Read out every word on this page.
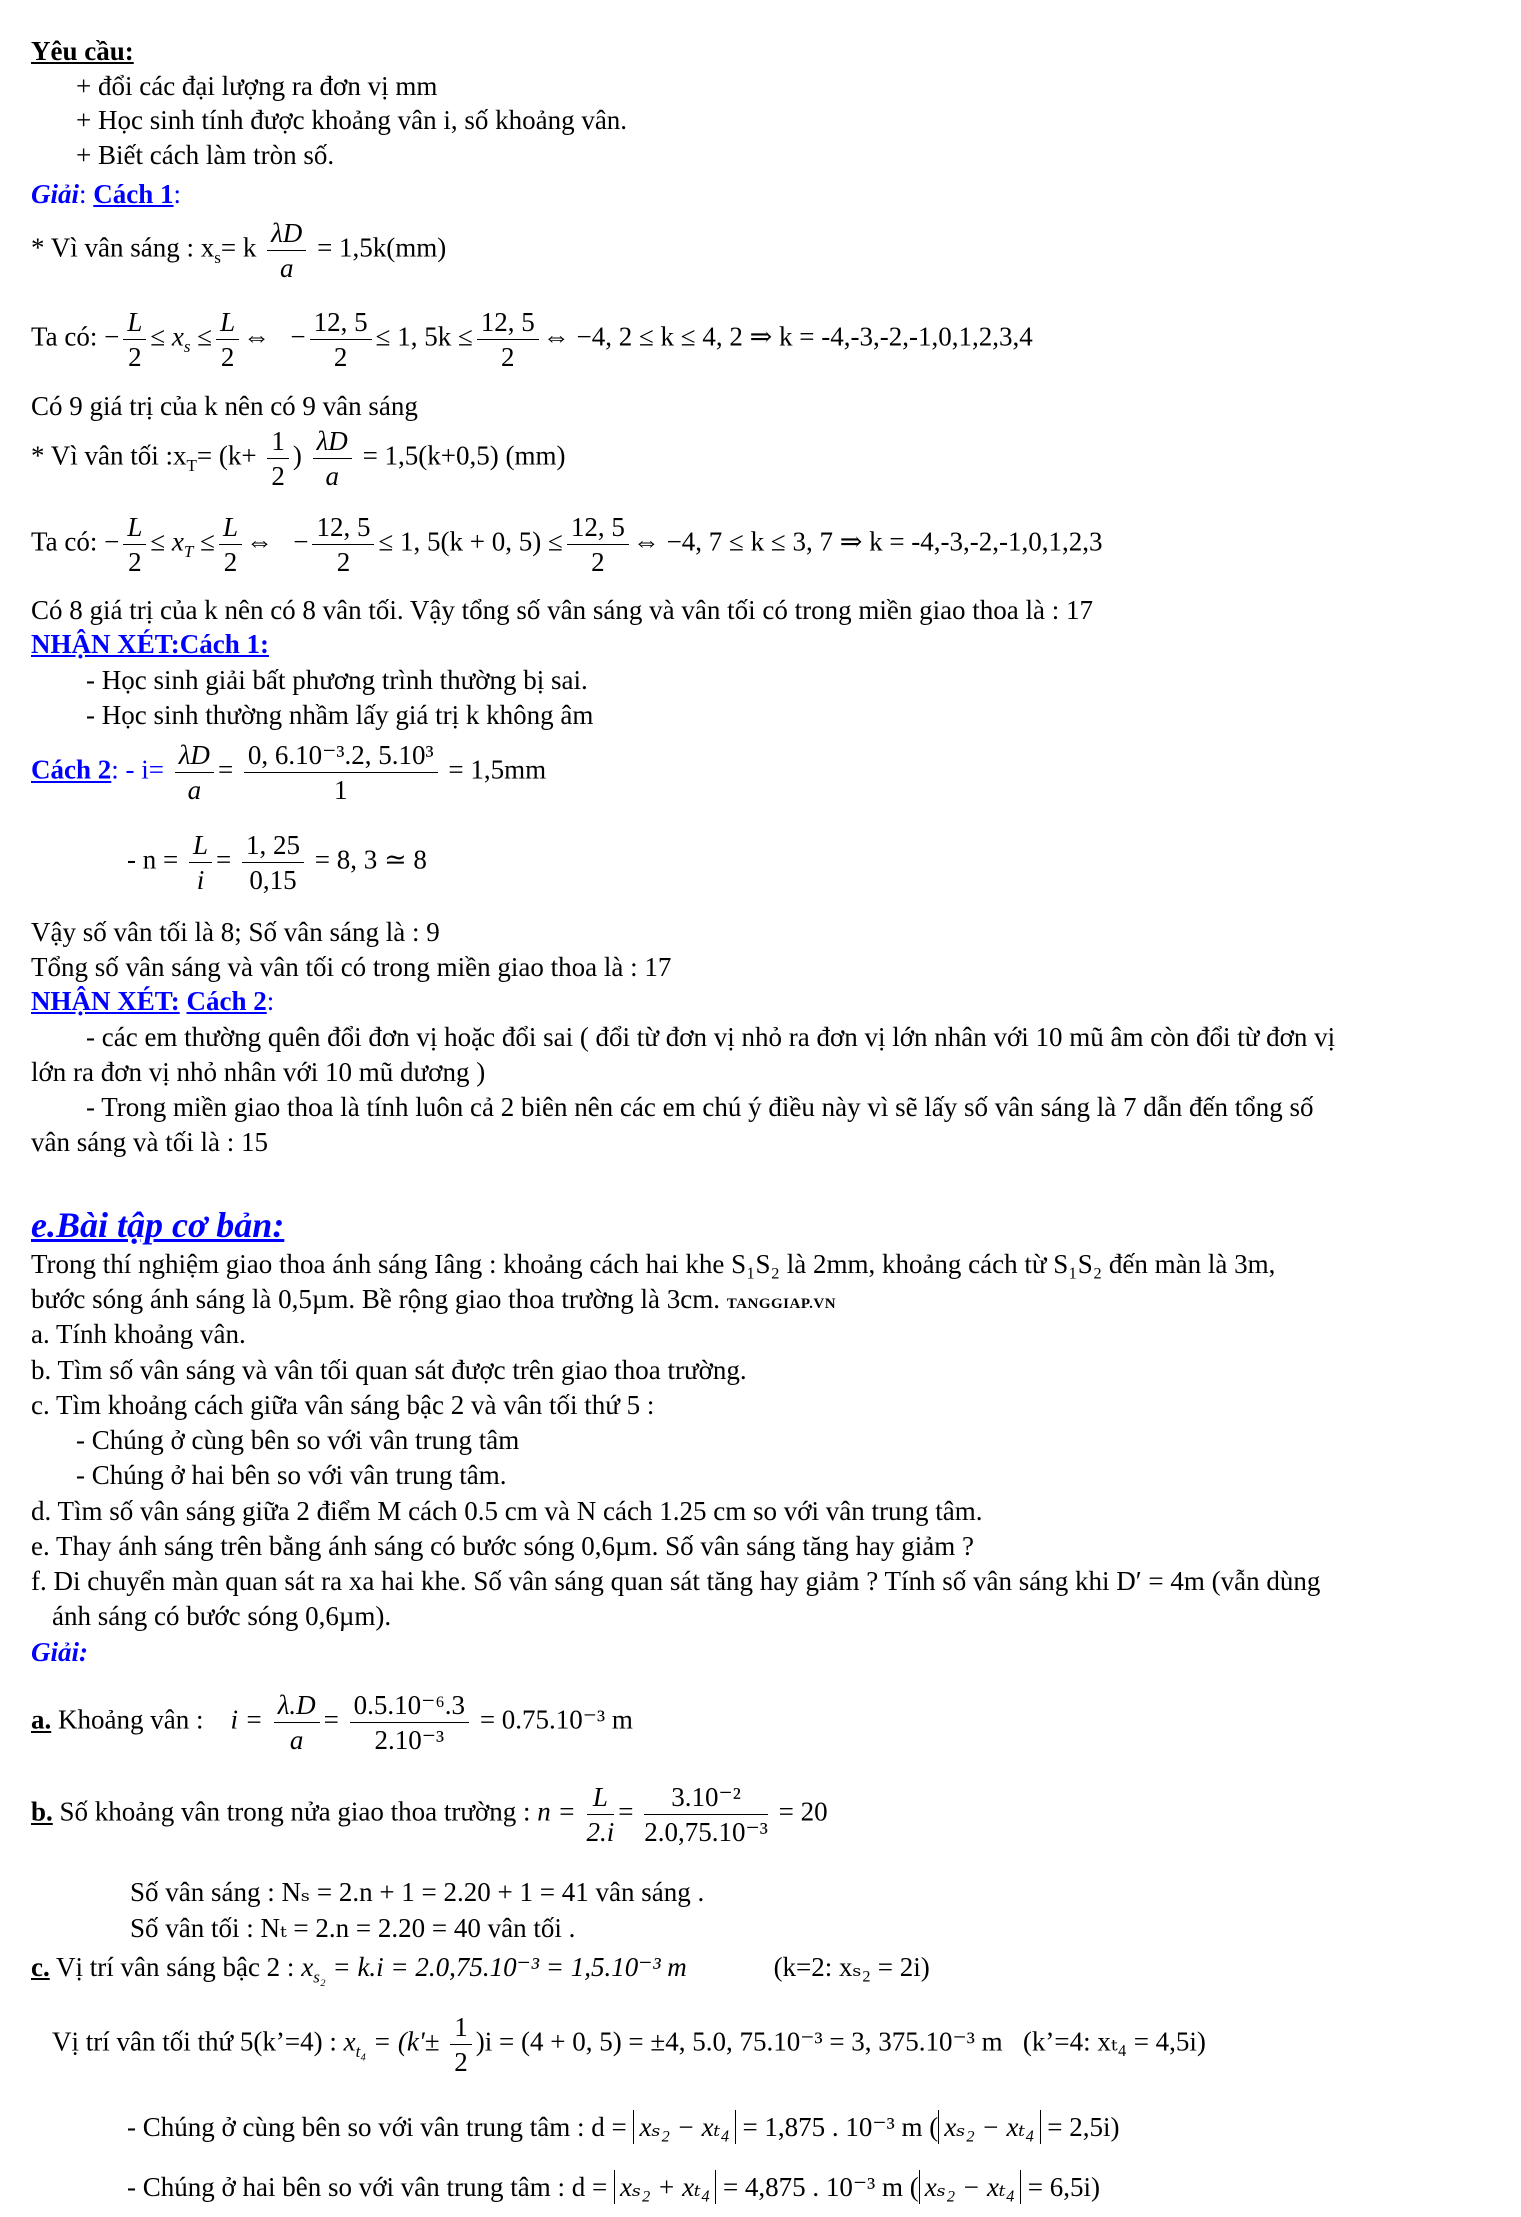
Yêu cầu:
+ đổi các đại lượng ra đơn vị mm
+ Học sinh tính được khoảng vân i, số khoảng vân.
+ Biết cách làm tròn số.
Giải: Cách 1:
* Vì vân sáng : $x_s= k \frac{\lambda D}{a} = 1,5k(mm)$
Ta có: − $\frac{L}{2} \le x_s \le \frac{L}{2}$ ⇔   − $\frac{12, 5}{2} \le 1$, $5k \le \frac{12, 5}{2}$ ⇔ −4, 2 ≤ k ≤ 4, 2 ⇒ k = -4,-3,-2,-1,0,1,2,3,4
Có 9 giá trị của k nên có 9 vân sáng
* Vì vân tối $:x_T= (k+ \frac{1}{2}$ ) $\frac{\lambda D}{a} = 1,5(k+0,5)$ (mm)
Ta có: − $\frac{L}{2} \le x_T \le \frac{L}{2}$ ⇔   − $\frac{12, 5}{2} \le 1$, 5(k + 0, $5) \le \frac{12, 5}{2}$ ⇔ −4, 7 ≤ k ≤ 3, 7 ⇒ k = -4,-3,-2,-1,0,1,2,3
Có 8 giá trị của k nên có 8 vân tối. Vậy tổng số vân sáng và vân tối có trong miền giao thoa là : 17
NHẬN XÉT:Cách 1:
- Học sinh giải bất phương trình thường bị sai.
- Học sinh thường nhầm lấy giá trị k không âm
Cách 2: - $i= \frac{\lambda D}{a} = \frac{\text{0, 6.10⁻³.2, 5.10³}}{1} = 1,5mm$
- $n = \frac{L}{i} = \frac{1, 25}{0,15} = 8$, 3 ≃ 8
Vậy số vân tối là 8; Số vân sáng là : 9
Tổng số vân sáng và vân tối có trong miền giao thoa là : 17
NHẬN XÉT: Cách 2:
- các em thường quên đổi đơn vị hoặc đổi sai ( đổi từ đơn vị nhỏ ra đơn vị lớn nhân với 10 mũ âm còn đổi từ đơn vị
lớn ra đơn vị nhỏ nhân với 10 mũ dương )
- Trong miền giao thoa là tính luôn cả 2 biên nên các em chú ý điều này vì sẽ lấy số vân sáng là 7 dẫn đến tổng số
vân sáng và tối là : 15
e.Bài tập cơ bản:
Trong thí nghiệm giao thoa ánh sáng Iâng : khoảng cách hai khe S₁S₂ là 2mm, khoảng cách từ S₁S₂ đến màn là 3m,
bước sóng ánh sáng là 0,5µm. Bề rộng giao thoa trường là 3cm. TANGGIAP.VN
a. Tính khoảng vân.
b. Tìm số vân sáng và vân tối quan sát được trên giao thoa trường.
c. Tìm khoảng cách giữa vân sáng bậc 2 và vân tối thứ 5 :
- Chúng ở cùng bên so với vân trung tâm
- Chúng ở hai bên so với vân trung tâm.
d. Tìm số vân sáng giữa 2 điểm M cách 0.5 cm và N cách 1.25 cm so với vân trung tâm.
e. Thay ánh sáng trên bằng ánh sáng có bước sóng 0,6µm. Số vân sáng tăng hay giảm ?
f. Di chuyển màn quan sát ra xa hai khe. Số vân sáng quan sát tăng hay giảm ? Tính số vân sáng khi D′ = 4m (vẫn dùng
ánh sáng có bước sóng 0,6µm).
Giải:
a. Khoảng vân : $i = \frac{\lambda.D}{a} = \frac{\text{0.5.10⁻⁶.3}}{\text{2.10⁻³}} = 0.75.10^{-3}$ m
b. Số khoảng vân trong nửa giao thoa trường : $n = \frac{L}{2.i} = \frac{\text{3.10⁻²}}{\text{2.0,75.10⁻³}} = 20$
Số vân sáng : Nₛ = 2.n + 1 = 2.20 + 1 = 41 vân sáng .
Số vân tối : Nₜ = 2.n = 2.20 = 40 vân tối .
c. Vị trí vân sáng bậc 2 : $x_{s_2} = k.i = 2.0,75.10^{-3} = 1,5.10^{-3}$ m	(k=2: xₛ₂ = 2i)
Vị trí vân tối thứ 5(k’=4) : $x_{t_4} = (k'\pm \frac{1}{2} )i = (4 + 0$, 5) = ±4, 5.0, 75.10⁻³ = 3, 375.10⁻³ m (k’=4: xₜ₄ = 4,5i)
- Chúng ở cùng bên so với vân trung tâm : d = xₛ₂ − xₜ₄ = 1,875 . 10⁻³ m ( xₛ₂ − xₜ₄ = 2,5i)
- Chúng ở hai bên so với vân trung tâm : d = xₛ₂ + xₜ₄ = 4,875 . 10⁻³ m ( xₛ₂ − xₜ₄ = 6,5i)
